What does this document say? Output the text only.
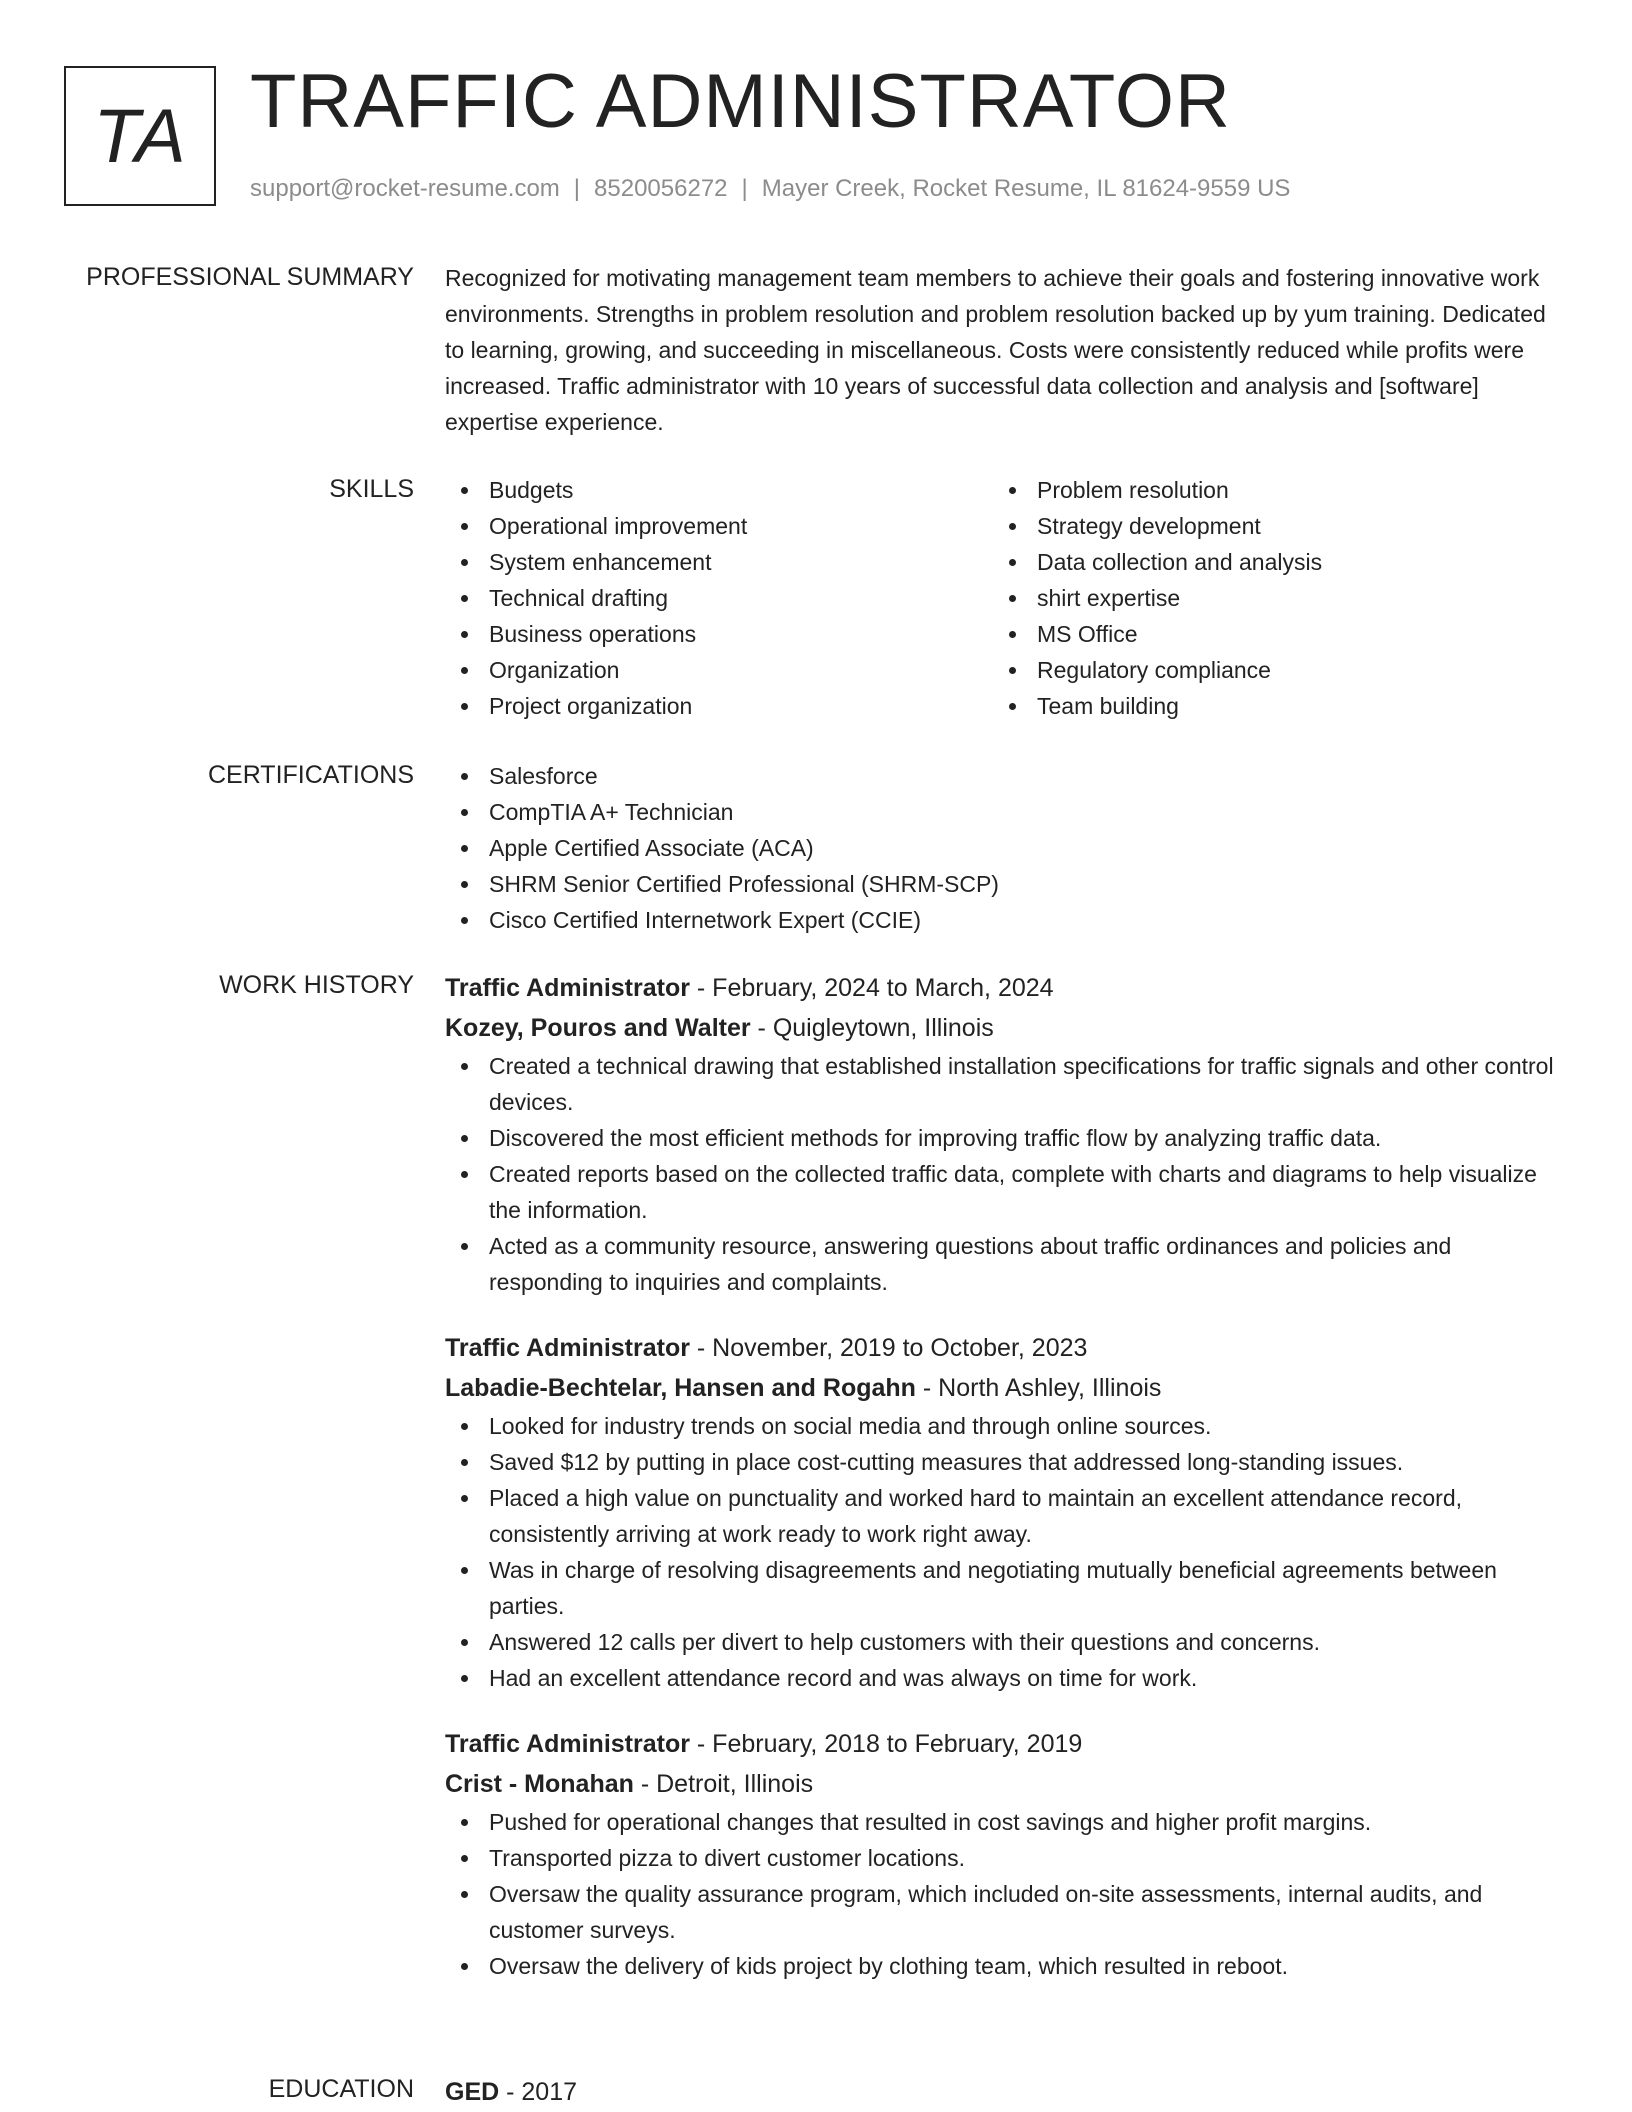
TA TRAFFIC ADMINISTRATOR
support@rocket-resume.com | 8520056272 | Mayer Creek, Rocket Resume, IL 81624-9559 US
PROFESSIONAL SUMMARY Recognized for motivating management team members to achieve their goals and fostering innovative work environments. Strengths in problem resolution and problem resolution backed up by yum training. Dedicated to learning, growing, and succeeding in miscellaneous. Costs were consistently reduced while profits were increased. Traffic administrator with 10 years of successful data collection and analysis and [software] expertise experience.

SKILLS	Budgets
Operational improvement
System enhancement
Technical drafting
Business operations
Organization
Project organization
Problem resolution
Strategy development
Data collection and analysis
shirt expertise
MS Office
Regulatory compliance
Team building
CERTIFICATIONS	Salesforce
CompTIA A+ Technician
Apple Certified Associate (ACA)
SHRM Senior Certified Professional (SHRM-SCP)
Cisco Certified Internetwork Expert (CCIE)
WORK HISTORY Traffic Administrator - February, 2024 to March, 2024
Kozey, Pouros and Walter - Quigleytown, Illinois
Created a technical drawing that established installation specifications for traffic signals and other control devices.
Discovered the most efficient methods for improving traffic flow by analyzing traffic data.
Created reports based on the collected traffic data, complete with charts and diagrams to help visualize the information.
Acted as a community resource, answering questions about traffic ordinances and policies and responding to inquiries and complaints.
Traffic Administrator - November, 2019 to October, 2023
Labadie-Bechtelar, Hansen and Rogahn - North Ashley, Illinois
Looked for industry trends on social media and through online sources.
Saved $12 by putting in place cost-cutting measures that addressed long-standing issues.
Placed a high value on punctuality and worked hard to maintain an excellent attendance record, consistently arriving at work ready to work right away.
Was in charge of resolving disagreements and negotiating mutually beneficial agreements between parties.
Answered 12 calls per divert to help customers with their questions and concerns.
Had an excellent attendance record and was always on time for work.
Traffic Administrator - February, 2018 to February, 2019
Crist - Monahan - Detroit, Illinois
Pushed for operational changes that resulted in cost savings and higher profit margins.
Transported pizza to divert customer locations.
Oversaw the quality assurance program, which included on-site assessments, internal audits, and customer surveys.
Oversaw the delivery of kids project by clothing team, which resulted in reboot.
EDUCATION GED - 2017
